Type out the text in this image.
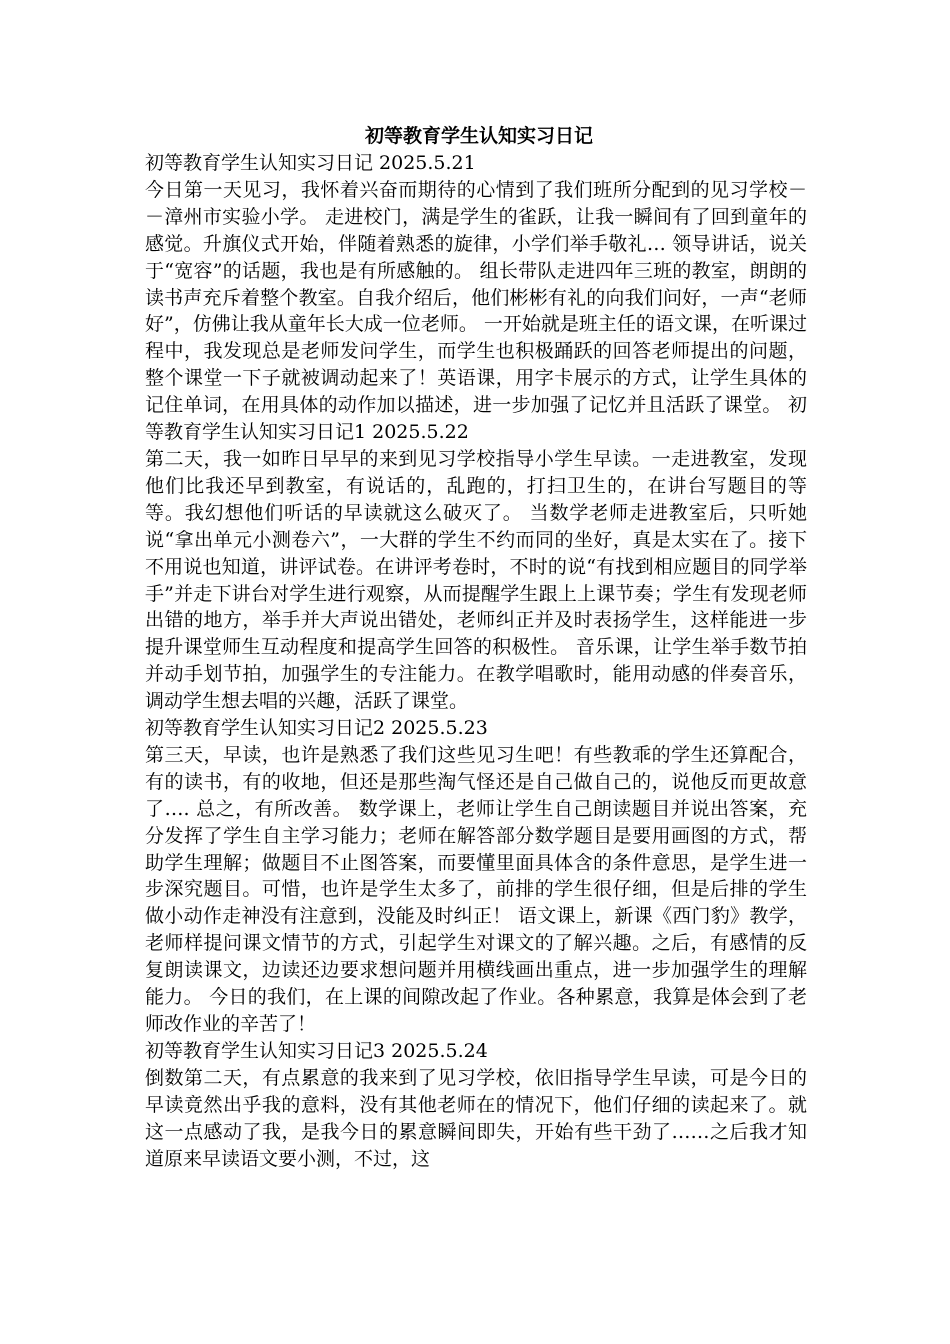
初等教育学生认知实习日记

初等教育学生认知实习日记 2025.5.21

今日第一天见习，我怀着兴奋而期待的心情到了我们班所分配到的见习学校－－漳州市实验小学。 走进校门，满是学生的雀跃，让我一瞬间有了回到童年的感觉。升旗仪式开始，伴随着熟悉的旋律，小学们举手敬礼… 领导讲话，说关于“宽容”的话题，我也是有所感触的。 组长带队走进四年三班的教室，朗朗的读书声充斥着整个教室。自我介绍后，他们彬彬有礼的向我们问好，一声“老师好”，仿佛让我从童年长大成一位老师。 一开始就是班主任的语文课，在听课过程中，我发现总是老师发问学生，而学生也积极踊跃的回答老师提出的问题，整个课堂一下子就被调动起来了！英语课，用字卡展示的方式，让学生具体的记住单词，在用具体的动作加以描述，进一步加强了记忆并且活跃了课堂。 初等教育学生认知实习日记1 2025.5.22

第二天，我一如昨日早早的来到见习学校指导小学生早读。一走进教室，发现他们比我还早到教室，有说话的，乱跑的，打扫卫生的，在讲台写题目的等等。我幻想他们听话的早读就这么破灭了。 当数学老师走进教室后，只听她说“拿出单元小测卷六”，一大群的学生不约而同的坐好，真是太实在了。接下不用说也知道，讲评试卷。在讲评考卷时，不时的说“有找到相应题目的同学举手”并走下讲台对学生进行观察，从而提醒学生跟上上课节奏；学生有发现老师出错的地方，举手并大声说出错处，老师纠正并及时表扬学生，这样能进一步提升课堂师生互动程度和提高学生回答的积极性。 音乐课，让学生举手数节拍并动手划节拍，加强学生的专注能力。在教学唱歌时，能用动感的伴奏音乐，调动学生想去唱的兴趣，活跃了课堂。

初等教育学生认知实习日记2 2025.5.23

第三天，早读，也许是熟悉了我们这些见习生吧！有些教乖的学生还算配合，有的读书，有的收地，但还是那些淘气怪还是自己做自己的，说他反而更故意了…. 总之，有所改善。 数学课上，老师让学生自己朗读题目并说出答案，充分发挥了学生自主学习能力；老师在解答部分数学题目是要用画图的方式，帮助学生理解；做题目不止图答案，而要懂里面具体含的条件意思，是学生进一步深究题目。可惜，也许是学生太多了，前排的学生很仔细，但是后排的学生做小动作走神没有注意到，没能及时纠正！ 语文课上，新课《西门豹》教学，老师样提问课文情节的方式，引起学生对课文的了解兴趣。之后，有感情的反复朗读课文，边读还边要求想问题并用横线画出重点，进一步加强学生的理解能力。 今日的我们，在上课的间隙改起了作业。各种累意，我算是体会到了老师改作业的辛苦了！

初等教育学生认知实习日记3 2025.5.24

倒数第二天，有点累意的我来到了见习学校，依旧指导学生早读，可是今日的早读竟然出乎我的意料，没有其他老师在的情况下，他们仔细的读起来了。就这一点感动了我，是我今日的累意瞬间即失，开始有些干劲了……之后我才知道原来早读语文要小测，不过，这
